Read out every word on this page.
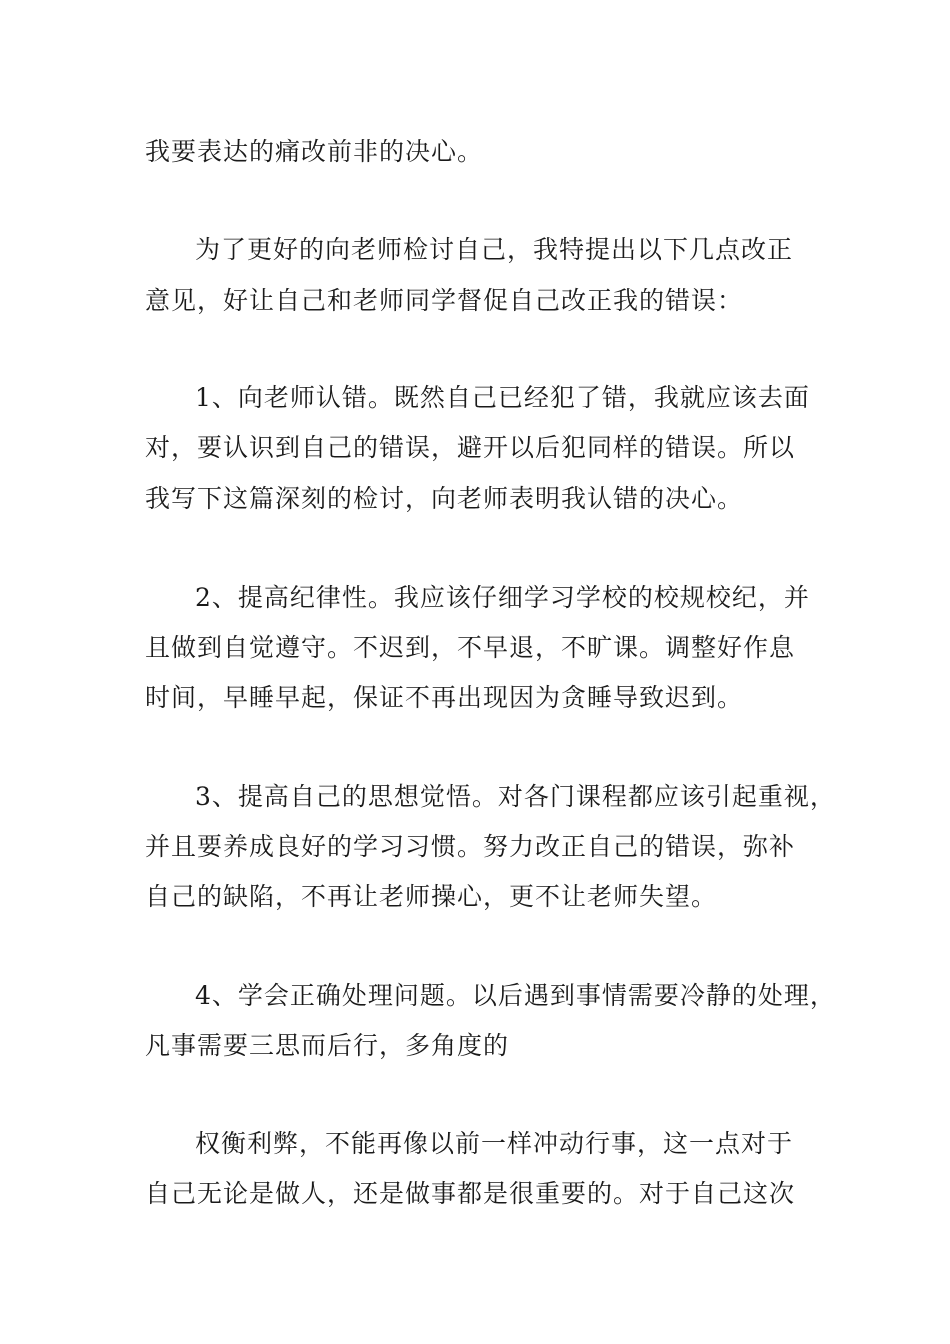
我要表达的痛改前非的决心。
为了更好的向老师检讨自己，我特提出以下几点改正
意见，好让自己和老师同学督促自己改正我的错误：
1、向老师认错。既然自己已经犯了错，我就应该去面
对，要认识到自己的错误，避开以后犯同样的错误。所以
我写下这篇深刻的检讨，向老师表明我认错的决心。
2、提高纪律性。我应该仔细学习学校的校规校纪，并
且做到自觉遵守。不迟到，不早退，不旷课。调整好作息
时间，早睡早起，保证不再出现因为贪睡导致迟到。
3、提高自己的思想觉悟。对各门课程都应该引起重视，
并且要养成良好的学习习惯。努力改正自己的错误，弥补
自己的缺陷，不再让老师操心，更不让老师失望。
4、学会正确处理问题。以后遇到事情需要冷静的处理，
凡事需要三思而后行，多角度的
权衡利弊，不能再像以前一样冲动行事，这一点对于
自己无论是做人，还是做事都是很重要的。对于自己这次
